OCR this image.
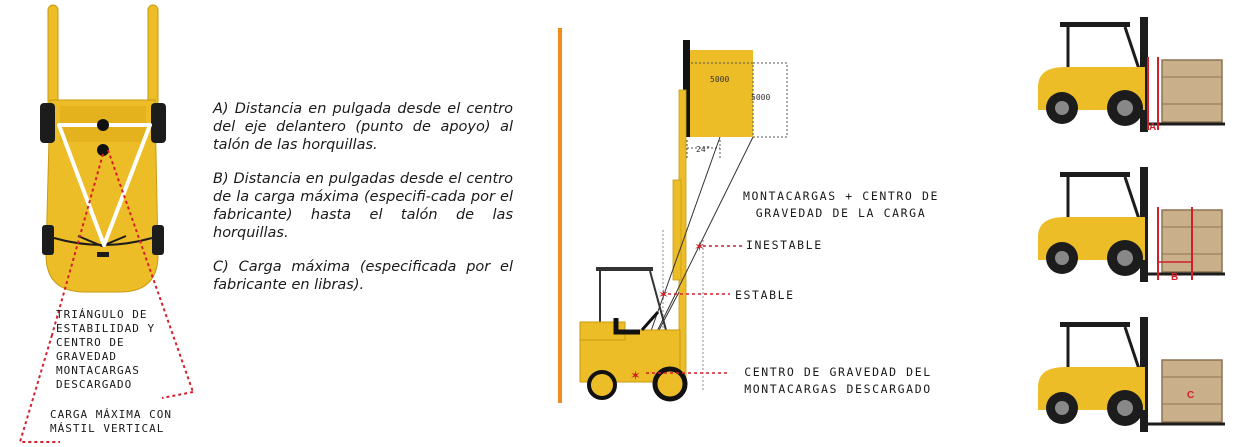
TRIÁNGULO DE
ESTABILIDAD Y
CENTRO DE
GRAVEDAD
MONTACARGAS
DESCARGADO
CARGA MÁXIMA CON
MÁSTIL VERTICAL

A) Distancia en pulgada desde el centro del eje delantero (punto de apoyo) al talón de las horquillas.

B) Distancia en pulgadas desde el centro de la carga máxima (especifi-cada por el fabricante) hasta el talón de las horquillas.

C) Carga máxima (especificada por el fabricante en libras).

✶
✶
✶
5000
5000
24"
MONTACARGAS + CENTRO DE
GRAVEDAD DE LA CARGA
INESTABLE
ESTABLE
CENTRO DE GRAVEDAD DEL
MONTACARGAS DESCARGADO
A
B
C
